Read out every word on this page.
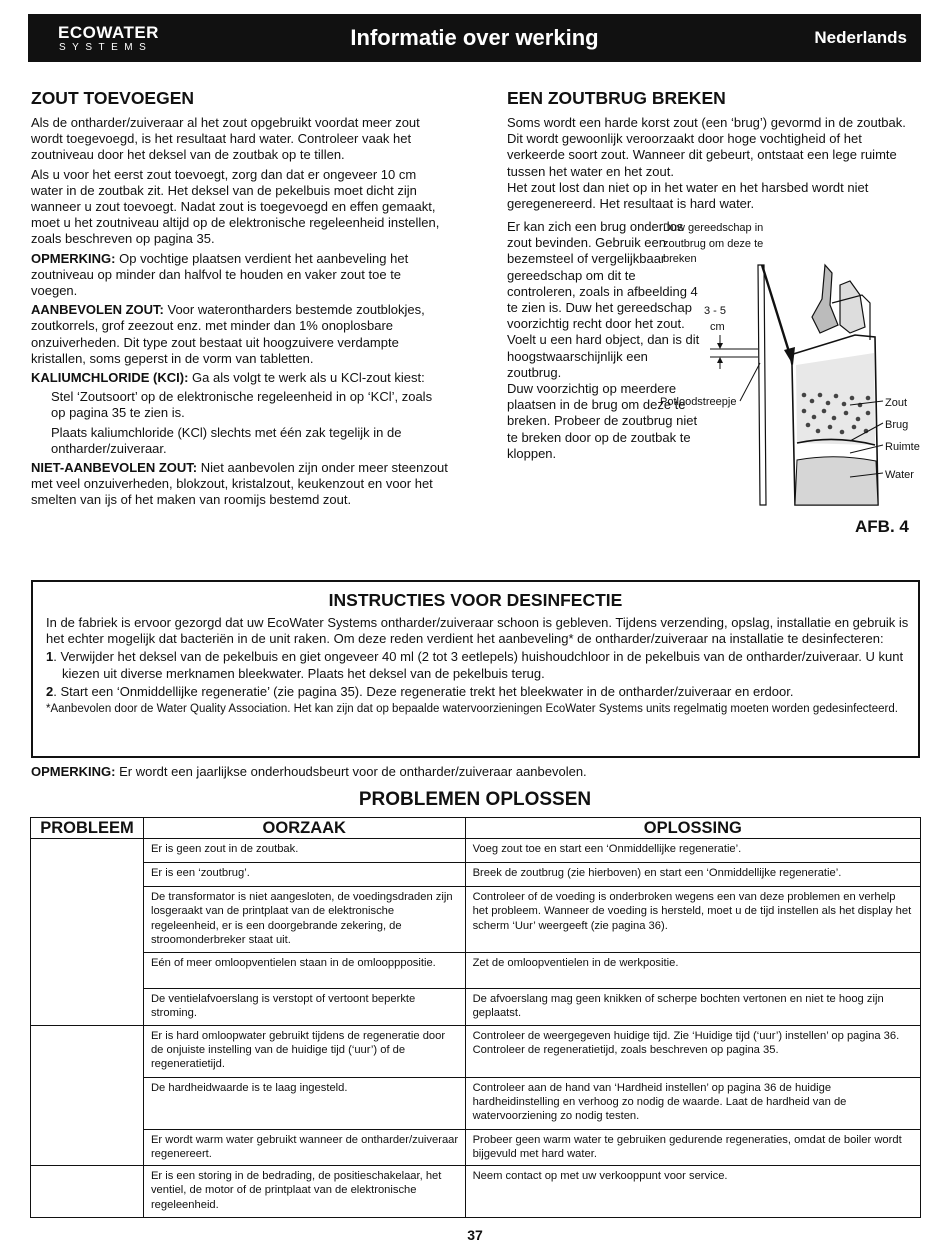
ECOWATER
SYSTEMS	Informatie over werking	Nederlands
ZOUT TOEVOEGEN

Als de ontharder/zuiveraar al het zout opgebruikt voordat meer zout wordt toegevoegd, is het resultaat hard water. Controleer vaak het zoutniveau door het deksel van de zoutbak op te tillen.

Als u voor het eerst zout toevoegt, zorg dan dat er ongeveer 10 cm water in de zoutbak zit. Het deksel van de pekelbuis moet dicht zijn wanneer u zout toevoegt. Nadat zout is toegevoegd en effen gemaakt, moet u het zoutniveau altijd op de elektronische regeleenheid instellen, zoals beschreven op pagina 35.

OPMERKING: Op vochtige plaatsen verdient het aanbeveling het zoutniveau op minder dan halfvol te houden en vaker zout toe te voegen.

AANBEVOLEN ZOUT: Voor waterontharders bestemde zoutblokjes, zoutkorrels, grof zeezout enz. met minder dan 1% onoplosbare onzuiverheden. Dit type zout bestaat uit hoogzuivere verdampte kristallen, soms geperst in de vorm van tabletten.

KALIUMCHLORIDE (KCI): Ga als volgt te werk als u KCl-zout kiest:

Stel ‘Zoutsoort’ op de elektronische regeleenheid in op ‘KCl’, zoals op pagina 35 te zien is.

Plaats kaliumchloride (KCl) slechts met één zak tegelijk in de ontharder/zuiveraar.

NIET-AANBEVOLEN ZOUT: Niet aanbevolen zijn onder meer steenzout met veel onzuiverheden, blokzout, kristalzout, keukenzout en voor het smelten van ijs of het maken van roomijs bestemd zout.

EEN ZOUTBRUG BREKEN

Soms wordt een harde korst zout (een ‘brug’) gevormd in de zoutbak. Dit wordt gewoonlijk veroorzaakt door hoge vochtigheid of het verkeerde soort zout. Wanneer dit gebeurt, ontstaat een lege ruimte tussen het water en het zout.

Het zout lost dan niet op in het water en het harsbed wordt niet geregenereerd. Het resultaat is hard water.

Er kan zich een brug onder los zout bevinden. Gebruik een bezemsteel of vergelijkbaar gereedschap om dit te controleren, zoals in afbeelding 4 te zien is. Duw het gereedschap voorzichtig recht door het zout. Voelt u een hard object, dan is dit hoogstwaarschijnlijk een zoutbrug.

Duw voorzichtig op meerdere plaatsen in de brug om deze te breken. Probeer de zoutbrug niet te breken door op de zoutbak te kloppen.

Duw gereedschap in zoutbrug om deze te breken
3 - 5
cm
Potloodstreepje	Zout
Brug
Ruimte
Water
AFB. 4
INSTRUCTIES VOOR DESINFECTIE

In de fabriek is ervoor gezorgd dat uw EcoWater Systems ontharder/zuiveraar schoon is gebleven. Tijdens verzending, opslag, installatie en gebruik is het echter mogelijk dat bacteriën in de unit raken. Om deze reden verdient het aanbeveling* de ontharder/zuiveraar na installatie te desinfecteren:

1. Verwijder het deksel van de pekelbuis en giet ongeveer 40 ml (2 tot 3 eetlepels) huishoudchloor in de pekelbuis van de ontharder/zuiveraar. U kunt kiezen uit diverse merknamen bleekwater. Plaats het deksel van de pekelbuis terug.

2. Start een ‘Onmiddellijke regeneratie’ (zie pagina 35). Deze regeneratie trekt het bleekwater in de ontharder/zuiveraar en erdoor.

*Aanbevolen door de Water Quality Association. Het kan zijn dat op bepaalde watervoorzieningen EcoWater Systems units regelmatig moeten worden gedesinfecteerd.

OPMERKING: Er wordt een jaarlijkse onderhoudsbeurt voor de ontharder/zuiveraar aanbevolen.
PROBLEMEN OPLOSSEN
PROBLEEM	OORZAAK	OPLOSSING
	Er is geen zout in de zoutbak.	Voeg zout toe en start een ‘Onmiddellijke regeneratie’.
	Er is een ‘zoutbrug’.	Breek de zoutbrug (zie hierboven) en start een ‘Onmiddellijke regeneratie’.
	De transformator is niet aangesloten, de voedingsdraden zijn losgeraakt van de printplaat van de elektronische regeleenheid, er is een doorgebrande zekering, de stroomonderbreker staat uit.	Controleer of de voeding is onderbroken wegens een van deze problemen en verhelp het probleem. Wanneer de voeding is hersteld, moet u de tijd instellen als het display het scherm ‘Uur’ weergeeft (zie pagina 36).
	Eén of meer omloopventielen staan in de omloopppositie.	Zet de omloopventielen in de werkpositie.
	De ventielafvoerslang is verstopt of vertoont beperkte stroming.	De afvoerslang mag geen knikken of scherpe bochten vertonen en niet te hoog zijn geplaatst.
	Er is hard omloopwater gebruikt tijdens de regeneratie door de onjuiste instelling van de huidige tijd (‘uur’) of de regeneratietijd.	Controleer de weergegeven huidige tijd. Zie ‘Huidige tijd (‘uur’) instellen’ op pagina 36. Controleer de regeneratietijd, zoals beschreven op pagina 35.
	De hardheidwaarde is te laag ingesteld.	Controleer aan de hand van ‘Hardheid instellen’ op pagina 36 de huidige hardheidinstelling en verhoog zo nodig de waarde. Laat de hardheid van de watervoorziening zo nodig testen.
	Er wordt warm water gebruikt wanneer de ontharder/zuiveraar regenereert.	Probeer geen warm water te gebruiken gedurende regeneraties, omdat de boiler wordt bijgevuld met hard water.
	Er is een storing in de bedrading, de positieschakelaar, het ventiel, de motor of de printplaat van de elektronische regeleenheid.	Neem contact op met uw verkooppunt voor service.
37
